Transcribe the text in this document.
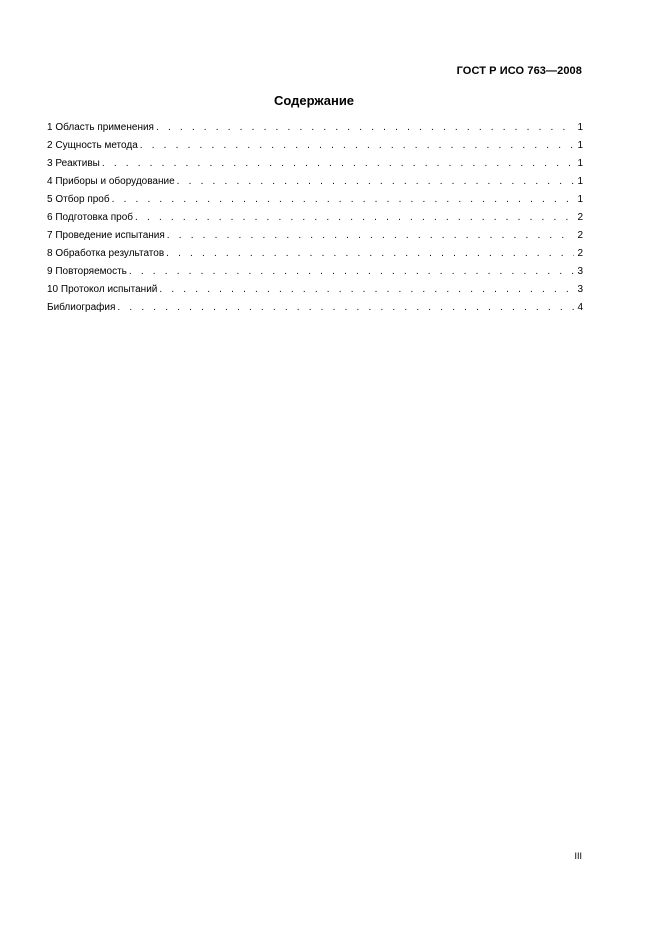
ГОСТ Р ИСО 763—2008
Содержание
1 Область применения . . .	1
2 Сущность метода . . .	1
3 Реактивы . . .	1
4 Приборы и оборудование . . .	1
5 Отбор проб . . .	1
6 Подготовка проб . . .	2
7 Проведение испытания . . .	2
8 Обработка результатов . . .	2
9 Повторяемость . . .	3
10 Протокол испытаний . . .	3
Библиография . . .	4
III
